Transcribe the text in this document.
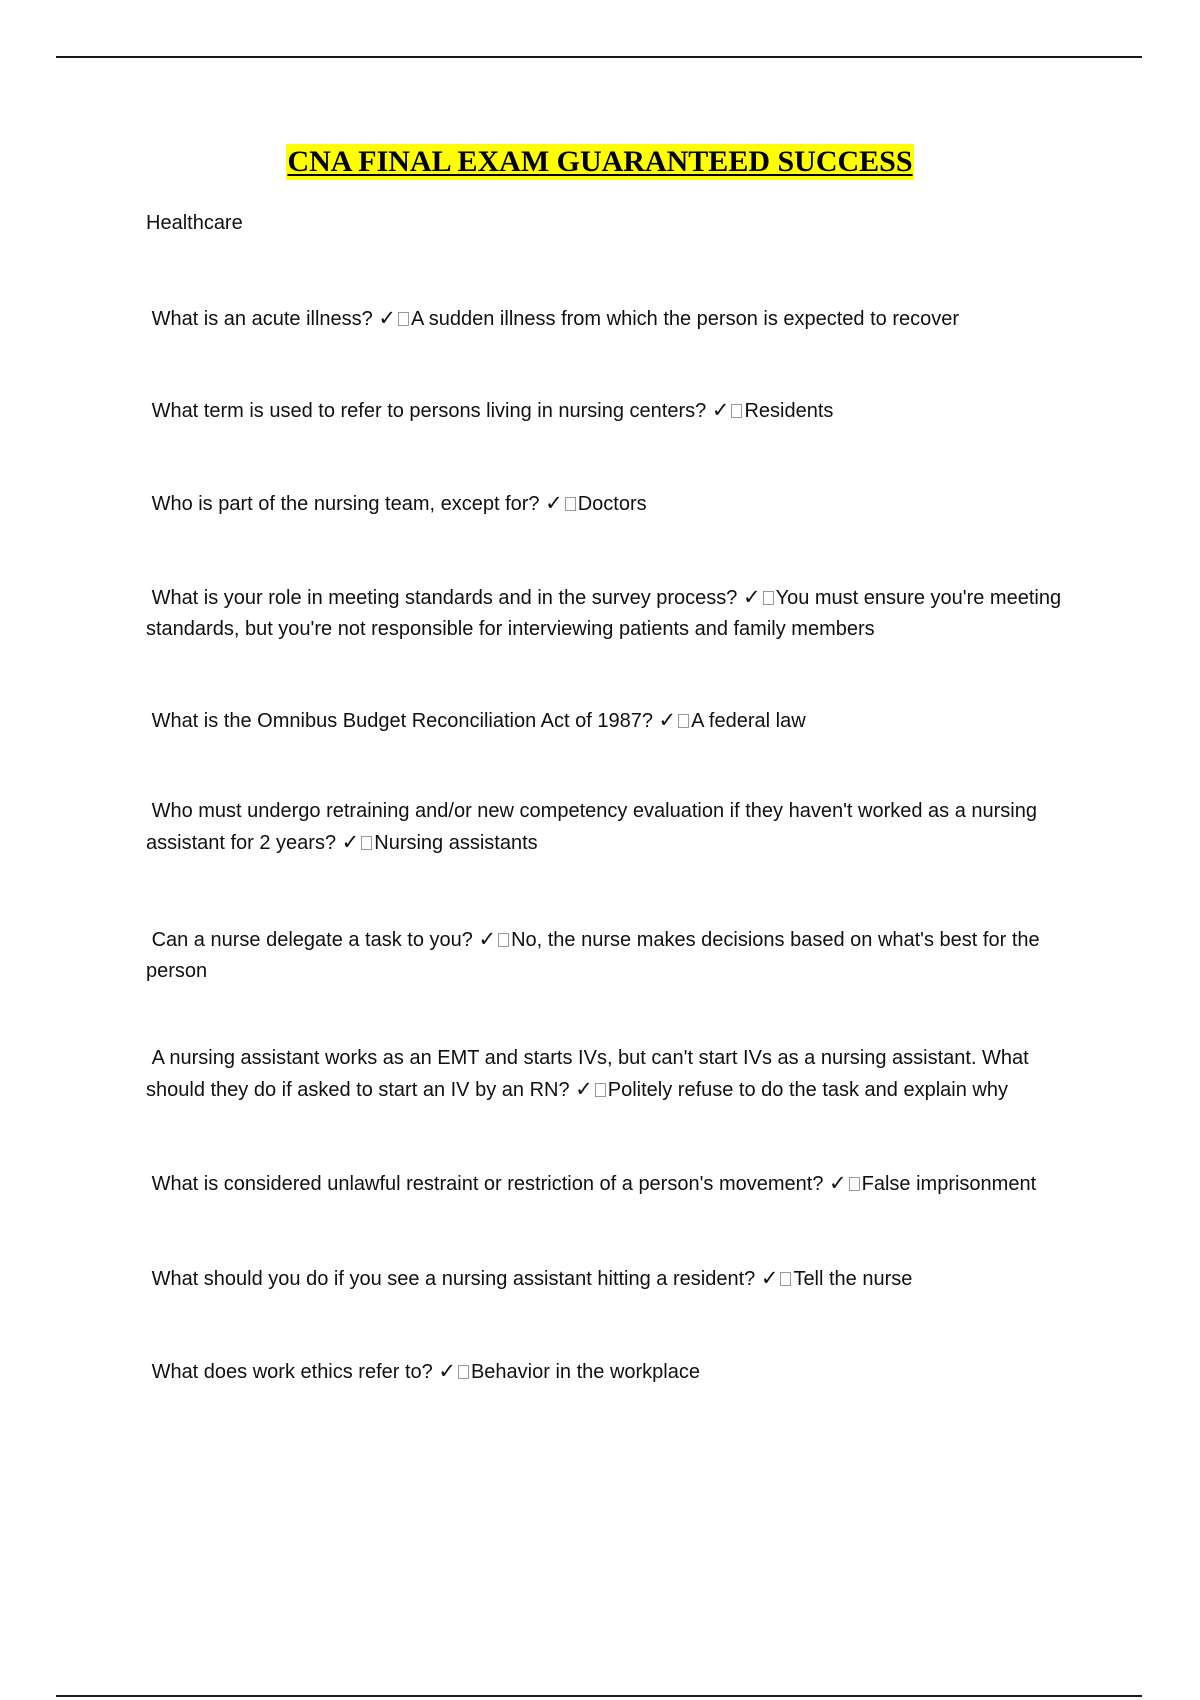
CNA FINAL EXAM GUARANTEED SUCCESS
Healthcare
What is an acute illness? ✓ A sudden illness from which the person is expected to recover
What term is used to refer to persons living in nursing centers? ✓ Residents
Who is part of the nursing team, except for? ✓ Doctors
What is your role in meeting standards and in the survey process? ✓ You must ensure you're meeting standards, but you're not responsible for interviewing patients and family members
What is the Omnibus Budget Reconciliation Act of 1987? ✓ A federal law
Who must undergo retraining and/or new competency evaluation if they haven't worked as a nursing assistant for 2 years? ✓ Nursing assistants
Can a nurse delegate a task to you? ✓ No, the nurse makes decisions based on what's best for the person
A nursing assistant works as an EMT and starts IVs, but can't start IVs as a nursing assistant. What should they do if asked to start an IV by an RN? ✓ Politely refuse to do the task and explain why
What is considered unlawful restraint or restriction of a person's movement? ✓ False imprisonment
What should you do if you see a nursing assistant hitting a resident? ✓ Tell the nurse
What does work ethics refer to? ✓ Behavior in the workplace
